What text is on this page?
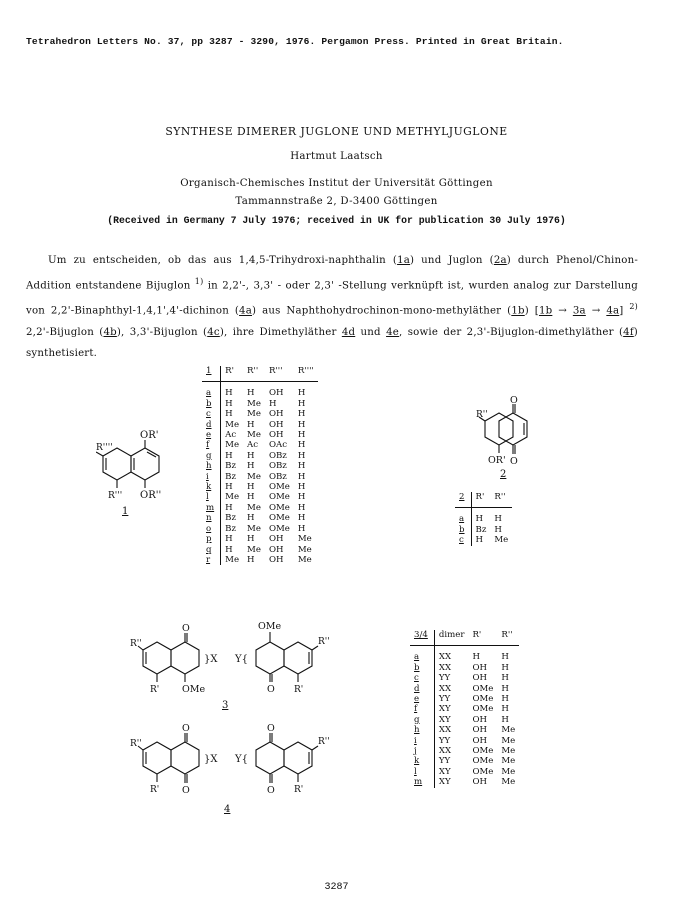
Tetrahedron Letters No. 37, pp 3287 - 3290, 1976. Pergamon Press. Printed in Great Britain.
SYNTHESE DIMERER JUGLONE UND METHYLJUGLONE
Hartmut Laatsch
Organisch-Chemisches Institut der Universität Göttingen
Tammannstraße 2, D-3400 Göttingen
(Received in Germany 7 July 1976; received in UK for publication 30 July 1976)

Um zu entscheiden, ob das aus 1,4,5-Trihydroxi-naphthalin (1a) und Juglon (2a) durch Phenol/Chinon-Addition entstandene Bijuglon $^{1)}$ in 2,2'-, 3,3' - oder 2,3' -Stellung verknüpft ist, wurden analog zur Darstellung von 2,2'-Binaphthyl-1,4,1',4'-dichinon (4a) aus Naphthohydrochinon-mono-methyläther (1b) [1b → 3a → 4a] $^{2)}$ 2,2'-Bijuglon (4b), 3,3'-Bijuglon (4c), ihre Dimethyläther 4d und 4e, sowie der 2,3'-Bijuglon-dimethyläther (4f) synthetisiert.

OR'
R''''
R''' OR''
1
1	R'	R''	R'''	R''''
a	H	H	OH	H
b	H	Me	H	H
c	H	Me	OH	H
d	Me	H	OH	H
e	Ac	Me	OH	H
f	Me	Ac	OAc	H
g	H	H	OBz	H
h	Bz	H	OBz	H
i	Bz	Me	OBz	H
k	H	H	OMe	H
l	Me	H	OMe	H
m	H	Me	OMe	H
n	Bz	H	OMe	H
o	Bz	Me	OMe	H
p	H	H	OH	Me
q	H	Me	OH	Me
r	Me	H	OH	Me
R''
O
O
OR'
2
2	R'	R''
a	H	H
b	Bz	H
c	H	Me
O
R''
R' OMe
}X Y{
OMe
R''
O R'
3
O
R''
R' O
}X Y{
O
R''
O R'
4
3/4	dimer	R'	R''
a	XX	H	H
b	XX	OH	H
c	YY	OH	H
d	XX	OMe	H
e	YY	OMe	H
f	XY	OMe	H
g	XY	OH	H
h	XX	OH	Me
i	YY	OH	Me
j	XX	OMe	Me
k	YY	OMe	Me
l	XY	OMe	Me
m	XY	OH	Me
3287
